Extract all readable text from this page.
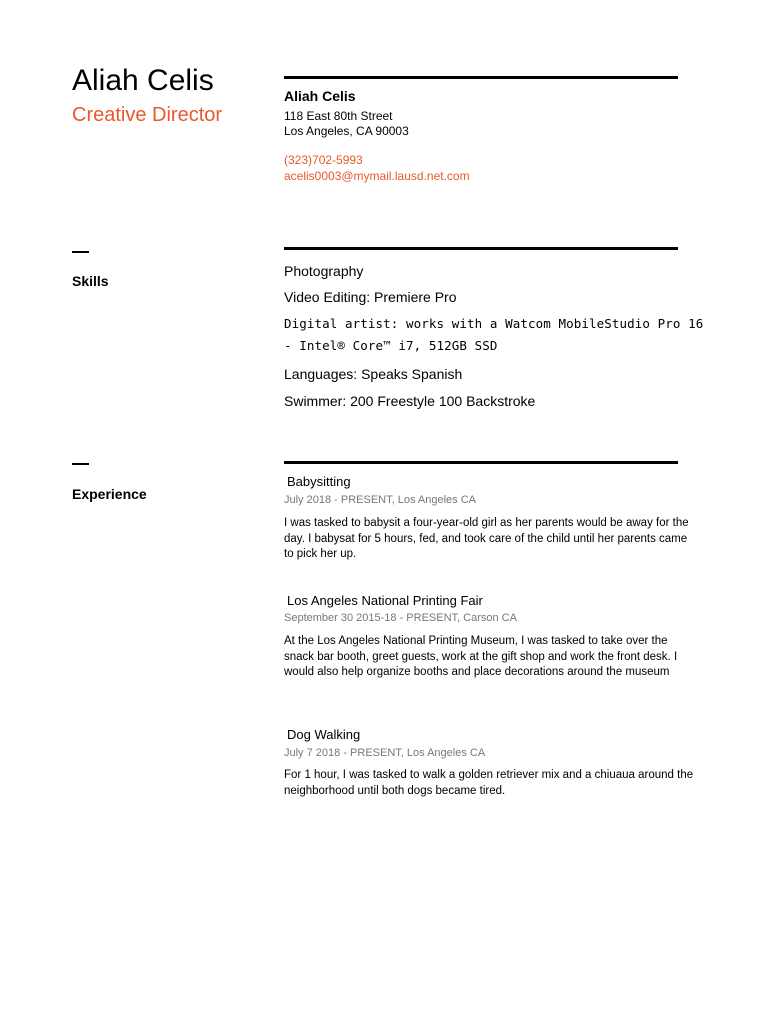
Aliah Celis
Creative Director
Aliah Celis
118 East 80th Street
Los Angeles, CA 90003
(323)702-5993
acelis0003@mymail.lausd.net.com
Skills
Photography
Video Editing: Premiere Pro
Digital artist: works with a Watcom MobileStudio Pro 16 - Intel® Core™ i7, 512GB SSD
Languages: Speaks Spanish
Swimmer: 200 Freestyle 100 Backstroke
Experience
Babysitting
July 2018 - PRESENT, Los Angeles CA
I was tasked to babysit a four-year-old girl as her parents would be away for the day. I babysat for 5 hours, fed, and took care of the child until her parents came to pick her up.
Los Angeles National Printing Fair
September 30 2015-18 - PRESENT, Carson CA
At the Los Angeles National Printing Museum, I was tasked to take over the snack bar booth, greet guests, work at the gift shop and work the front desk. I would also help organize booths and place decorations around the museum
Dog Walking
July 7 2018 - PRESENT, Los Angeles CA
For 1 hour, I was tasked to walk a golden retriever mix and a chiuaua around the neighborhood until both dogs became tired.
